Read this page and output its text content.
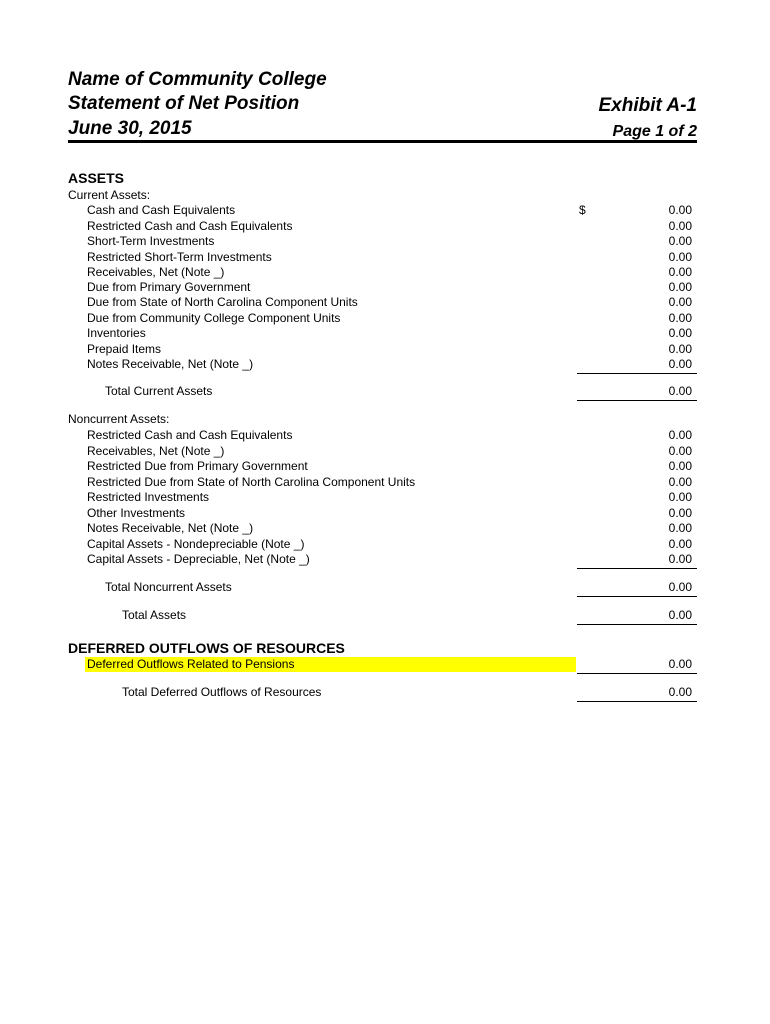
Name of Community College
Statement of Net Position
June 30, 2015
Exhibit A-1
Page 1 of 2
ASSETS
Current Assets:
Cash and Cash Equivalents	$	0.00
Restricted Cash and Cash Equivalents	0.00
Short-Term Investments	0.00
Restricted Short-Term Investments	0.00
Receivables, Net (Note _)	0.00
Due from Primary Government	0.00
Due from State of North Carolina Component Units	0.00
Due from Community College Component Units	0.00
Inventories	0.00
Prepaid Items	0.00
Notes Receivable, Net (Note _)	0.00
Total Current Assets	0.00
Noncurrent Assets:
Restricted Cash and Cash Equivalents	0.00
Receivables, Net (Note _)	0.00
Restricted Due from Primary Government	0.00
Restricted Due from State of North Carolina Component Units	0.00
Restricted Investments	0.00
Other Investments	0.00
Notes Receivable, Net (Note _)	0.00
Capital Assets - Nondepreciable (Note _)	0.00
Capital Assets - Depreciable, Net (Note _)	0.00
Total Noncurrent Assets	0.00
Total Assets	0.00
DEFERRED OUTFLOWS OF RESOURCES
Deferred Outflows Related to Pensions	0.00
Total Deferred Outflows of Resources	0.00
